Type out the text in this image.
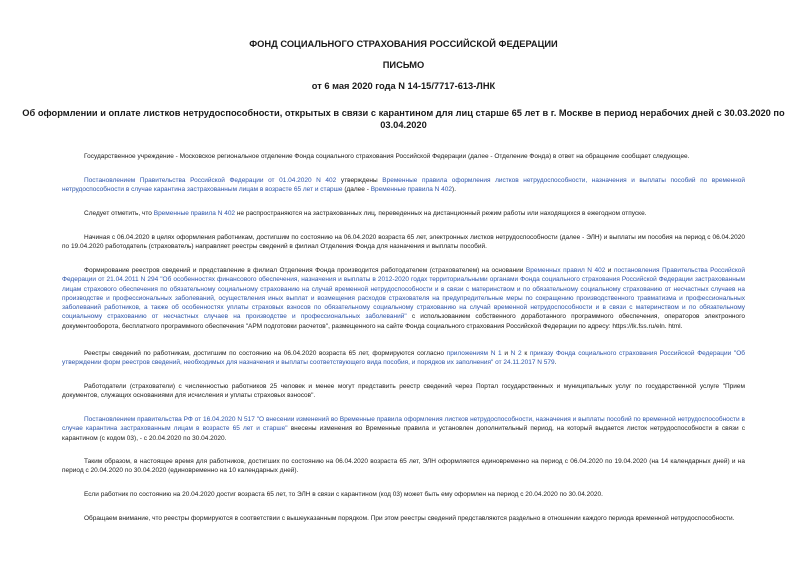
ФОНД СОЦИАЛЬНОГО СТРАХОВАНИЯ РОССИЙСКОЙ ФЕДЕРАЦИИ
ПИСЬМО
от 6 мая 2020 года N 14-15/7717-613-ЛНК
Об оформлении и оплате листков нетрудоспособности, открытых в связи с карантином для лиц старше 65 лет в г. Москве в период нерабочих дней с 30.03.2020 по 03.04.2020

Государственное учреждение - Московское региональное отделение Фонда социального страхования Российской Федерации (далее - Отделение Фонда) в ответ на обращение сообщает следующее.

Постановлением Правительства Российской Федерации от 01.04.2020 N 402 утверждены Временные правила оформления листков нетрудоспособности, назначения и выплаты пособий по временной нетрудоспособности в случае карантина застрахованным лицам в возрасте 65 лет и старше (далее - Временные правила N 402).

Следует отметить, что Временные правила N 402 не распространяются на застрахованных лиц, переведенных на дистанционный режим работы или находящихся в ежегодном отпуске.

Начиная с 06.04.2020 в целях оформления работникам, достигшим по состоянию на 06.04.2020 возраста 65 лет, электронных листков нетрудоспособности (далее - ЭЛН) и выплаты им пособия на период с 06.04.2020 по 19.04.2020 работодатель (страхователь) направляет реестры сведений в филиал Отделения Фонда для назначения и выплаты пособий.

Формирование реестров сведений и представление в филиал Отделения Фонда производится работодателем (страхователем) на основании Временных правил N 402 и постановления Правительства Российской Федерации от 21.04.2011 N 294 "Об особенностях финансового обеспечения, назначения и выплаты в 2012-2020 годах территориальными органами Фонда социального страхования Российской Федерации застрахованным лицам страхового обеспечения по обязательному социальному страхованию на случай временной нетрудоспособности и в связи с материнством и по обязательному социальному страхованию от несчастных случаев на производстве и профессиональных заболеваний, осуществления иных выплат и возмещения расходов страхователя на предупредительные меры по сокращению производственного травматизма и профессиональных заболеваний работников, а также об особенностях уплаты страховых взносов по обязательному социальному страхованию на случай временной нетрудоспособности и в связи с материнством и по обязательному социальному страхованию от несчастных случаев на производстве и профессиональных заболеваний" с использованием собственного доработанного программного обеспечения, операторов электронного документооборота, бесплатного программного обеспечения "АРМ подготовки расчетов", размещенного на сайте Фонда социального страхования Российской Федерации по адресу: https://lk.fss.ru/eln. html.

Реестры сведений по работникам, достигшим по состоянию на 06.04.2020 возраста 65 лет, формируются согласно приложениям N 1 и N 2 к приказу Фонда социального страхования Российской Федерации "Об утверждении форм реестров сведений, необходимых для назначения и выплаты соответствующего вида пособия, и порядков их заполнения" от 24.11.2017 N 579.

Работодатели (страхователи) с численностью работников 25 человек и менее могут представить реестр сведений через Портал государственных и муниципальных услуг по государственной услуге "Прием документов, служащих основаниями для исчисления и уплаты страховых взносов".

Постановлением правительства РФ от 16.04.2020 N 517 "О внесении изменений во Временные правила оформления листков нетрудоспособности, назначения и выплаты пособий по временной нетрудоспособности в случае карантина застрахованным лицам в возрасте 65 лет и старше" внесены изменения во Временные правила и установлен дополнительный период, на который выдается листок нетрудоспособности в связи с карантином (с кодом 03), - с 20.04.2020 по 30.04.2020.

Таким образом, в настоящее время для работников, достигших по состоянию на 06.04.2020 возраста 65 лет, ЭЛН оформляется единовременно на период с 06.04.2020 по 19.04.2020 (на 14 календарных дней) и на период с 20.04.2020 по 30.04.2020 (единовременно на 10 календарных дней).

Если работник по состоянию на 20.04.2020 достиг возраста 65 лет, то ЭЛН в связи с карантином (код 03) может быть ему оформлен на период с 20.04.2020 по 30.04.2020.

Обращаем внимание, что реестры формируются в соответствии с вышеуказанным порядком. При этом реестры сведений представляются раздельно в отношении каждого периода временной нетрудоспособности.
